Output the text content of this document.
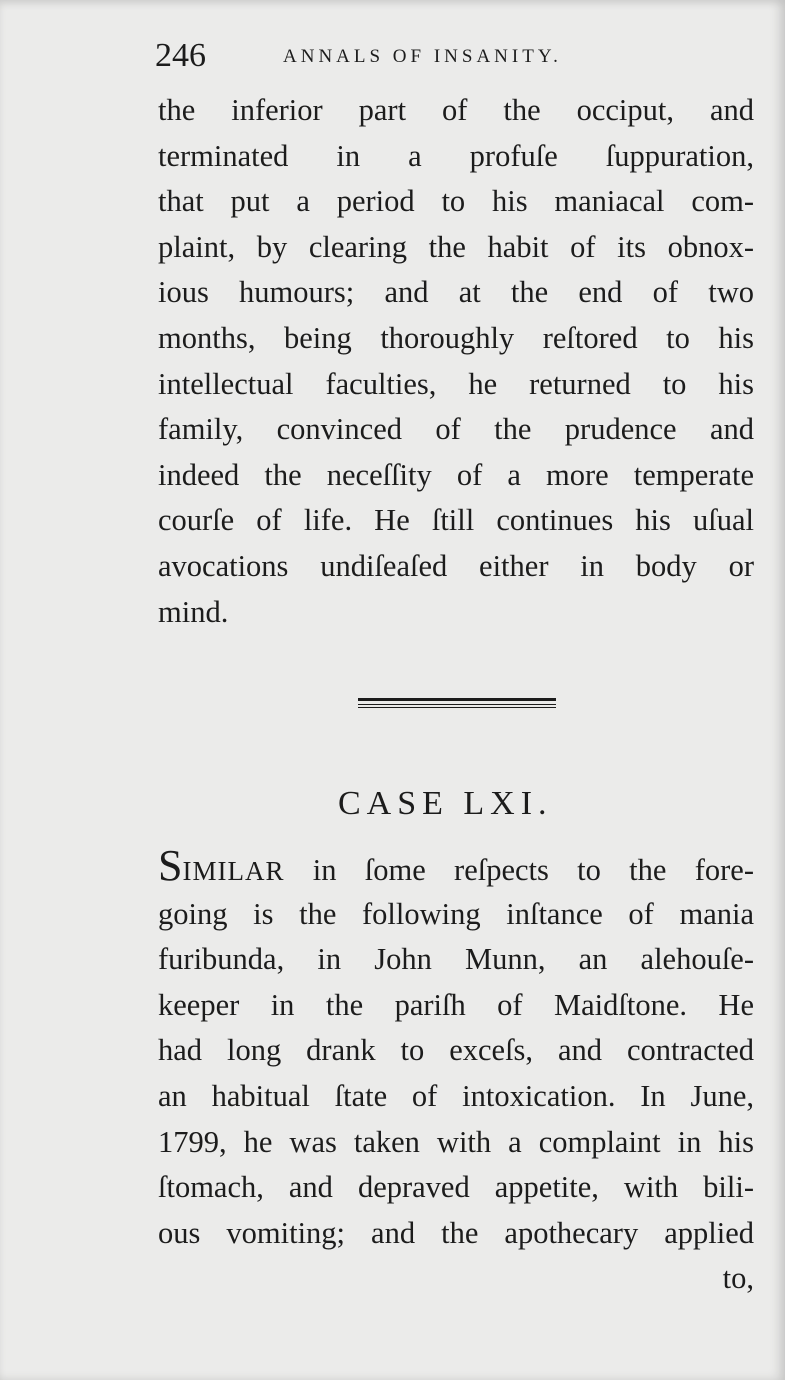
246	ANNALS OF INSANITY.
the inferior part of the occiput, and
terminated in a profuſe ſuppuration,
that put a period to his maniacal com-
plaint, by clearing the habit of its obnox-
ious humours; and at the end of two
months, being thoroughly reſtored to his
intellectual faculties, he returned to his
family, convinced of the prudence and
indeed the neceſſity of a more temperate
courſe of life. He ſtill continues his uſual
avocations undiſeaſed either in body or
mind.
CASE LXI.
SIMILAR in ſome reſpects to the fore-
going is the following inſtance of mania
furibunda, in John Munn, an alehouſe-
keeper in the pariſh of Maidſtone. He
had long drank to exceſs, and contracted
an habitual ſtate of intoxication. In June,
1799, he was taken with a complaint in his
ſtomach, and depraved appetite, with bili-
ous vomiting; and the apothecary applied
to,
